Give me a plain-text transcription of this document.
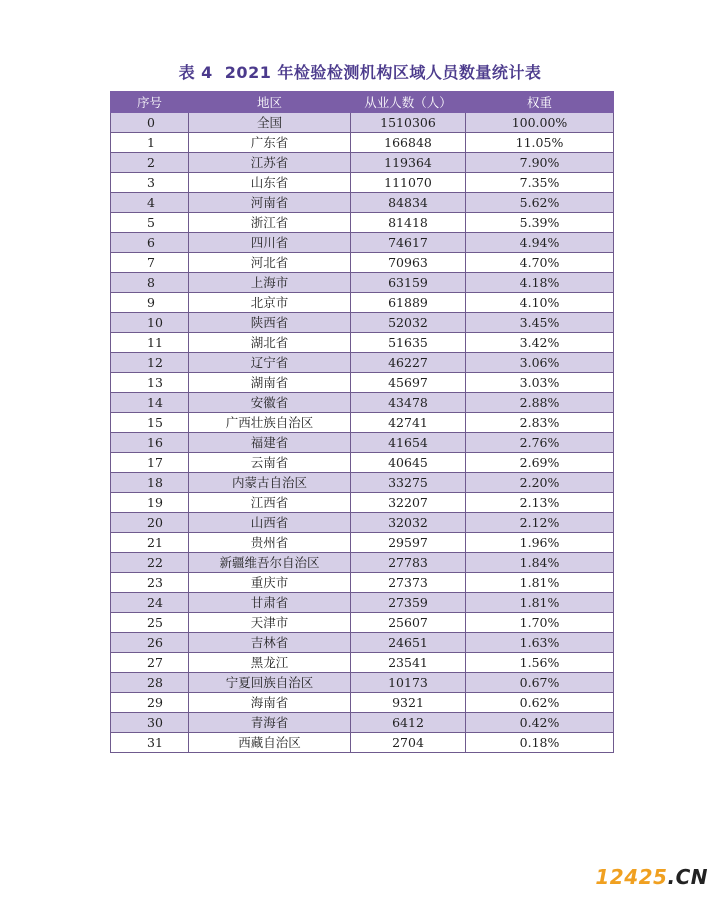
表 4 2021 年检验检测机构区域人员数量统计表
序号	地区	从业人数（人）	权重
0	全国	1510306	100.00%
1	广东省	166848	11.05%
2	江苏省	119364	7.90%
3	山东省	111070	7.35%
4	河南省	84834	5.62%
5	浙江省	81418	5.39%
6	四川省	74617	4.94%
7	河北省	70963	4.70%
8	上海市	63159	4.18%
9	北京市	61889	4.10%
10	陕西省	52032	3.45%
11	湖北省	51635	3.42%
12	辽宁省	46227	3.06%
13	湖南省	45697	3.03%
14	安徽省	43478	2.88%
15	广西壮族自治区	42741	2.83%
16	福建省	41654	2.76%
17	云南省	40645	2.69%
18	内蒙古自治区	33275	2.20%
19	江西省	32207	2.13%
20	山西省	32032	2.12%
21	贵州省	29597	1.96%
22	新疆维吾尔自治区	27783	1.84%
23	重庆市	27373	1.81%
24	甘肃省	27359	1.81%
25	天津市	25607	1.70%
26	吉林省	24651	1.63%
27	黑龙江	23541	1.56%
28	宁夏回族自治区	10173	0.67%
29	海南省	9321	0.62%
30	青海省	6412	0.42%
31	西藏自治区	2704	0.18%
12425.CN
